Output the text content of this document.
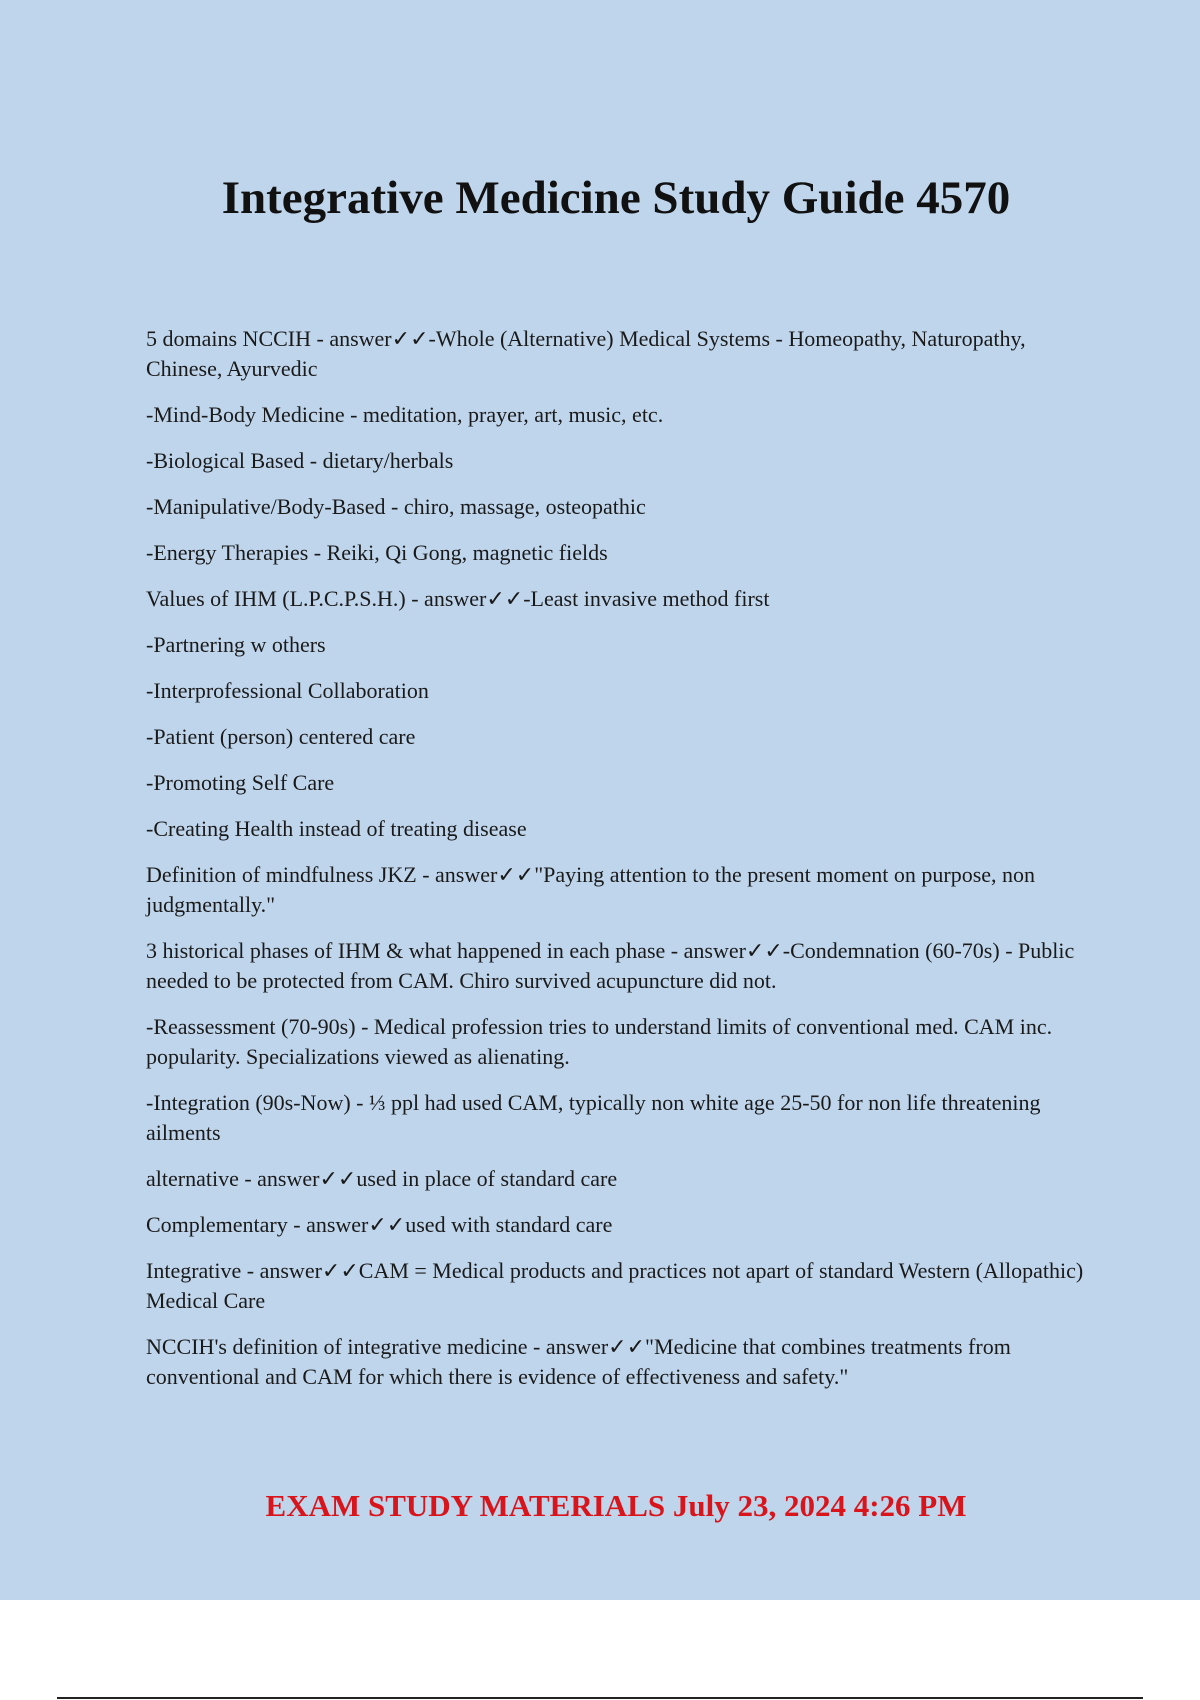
Integrative Medicine Study Guide 4570

5 domains NCCIH - answer✓✓-Whole (Alternative) Medical Systems - Homeopathy, Naturopathy, Chinese, Ayurvedic

-Mind-Body Medicine - meditation, prayer, art, music, etc.

-Biological Based - dietary/herbals

-Manipulative/Body-Based - chiro, massage, osteopathic

-Energy Therapies - Reiki, Qi Gong, magnetic fields

Values of IHM (L.P.C.P.S.H.) - answer✓✓-Least invasive method first

-Partnering w others

-Interprofessional Collaboration

-Patient (person) centered care

-Promoting Self Care

-Creating Health instead of treating disease

Definition of mindfulness JKZ - answer✓✓"Paying attention to the present moment on purpose, non judgmentally."

3 historical phases of IHM & what happened in each phase - answer✓✓-Condemnation (60-70s) - Public needed to be protected from CAM. Chiro survived acupuncture did not.

-Reassessment (70-90s) - Medical profession tries to understand limits of conventional med. CAM inc. popularity. Specializations viewed as alienating.

-Integration (90s-Now) - ⅓ ppl had used CAM, typically non white age 25-50 for non life threatening ailments

alternative - answer✓✓used in place of standard care

Complementary - answer✓✓used with standard care

Integrative - answer✓✓CAM = Medical products and practices not apart of standard Western (Allopathic) Medical Care

NCCIH's definition of integrative medicine - answer✓✓"Medicine that combines treatments from conventional and CAM for which there is evidence of effectiveness and safety."

EXAM STUDY MATERIALS July 23, 2024 4:26 PM
